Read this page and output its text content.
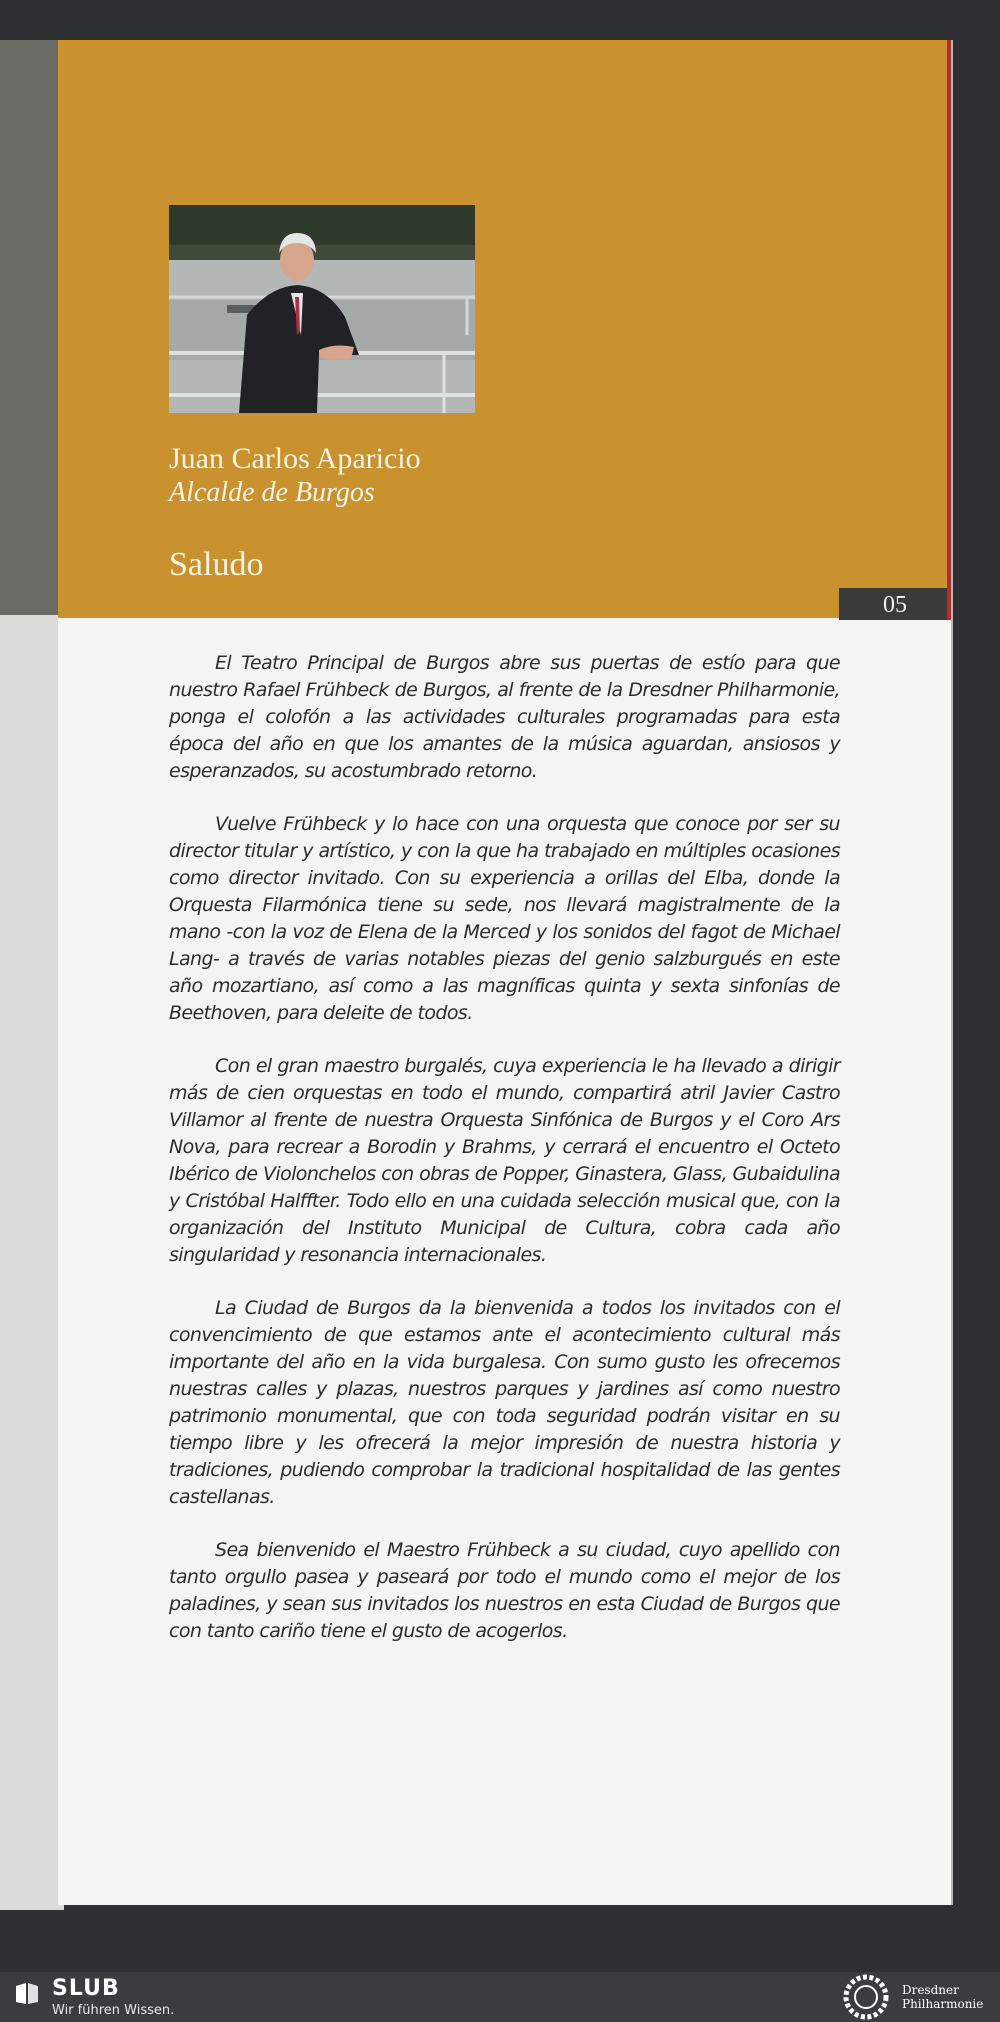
Juan Carlos Aparicio
Alcalde de Burgos
Saludo
05

El Teatro Principal de Burgos abre sus puertas de estío para que nuestro Rafael Frühbeck de Burgos, al frente de la Dresdner Philharmonie, ponga el colofón a las actividades culturales programadas para esta época del año en que los amantes de la música aguardan, ansiosos y esperanzados, su acostumbrado retorno.

Vuelve Frühbeck y lo hace con una orquesta que conoce por ser su director titular y artístico, y con la que ha trabajado en múltiples ocasiones como director invitado. Con su experiencia a orillas del Elba, donde la Orquesta Filarmónica tiene su sede, nos llevará magistralmente de la mano -con la voz de Elena de la Merced y los sonidos del fagot de Michael Lang- a través de varias notables piezas del genio salzburgués en este año mozartiano, así como a las magníficas quinta y sexta sinfonías de Beethoven, para deleite de todos.

Con el gran maestro burgalés, cuya experiencia le ha llevado a dirigir más de cien orquestas en todo el mundo, compartirá atril Javier Castro Villamor al frente de nuestra Orquesta Sinfónica de Burgos y el Coro Ars Nova, para recrear a Borodin y Brahms, y cerrará el encuentro el Octeto Ibérico de Violonchelos con obras de Popper, Ginastera, Glass, Gubaidulina y Cristóbal Halffter. Todo ello en una cuidada selección musical que, con la organización del Instituto Municipal de Cultura, cobra cada año singularidad y resonancia internacionales.

La Ciudad de Burgos da la bienvenida a todos los invitados con el convencimiento de que estamos ante el acontecimiento cultural más importante del año en la vida burgalesa. Con sumo gusto les ofrecemos nuestras calles y plazas, nuestros parques y jardines así como nuestro patrimonio monumental, que con toda seguridad podrán visitar en su tiempo libre y les ofrecerá la mejor impresión de nuestra historia y tradiciones, pudiendo comprobar la tradicional hospitalidad de las gentes castellanas.

Sea bienvenido el Maestro Frühbeck a su ciudad, cuyo apellido con tanto orgullo pasea y paseará por todo el mundo como el mejor de los paladines, y sean sus invitados los nuestros en esta Ciudad de Burgos que con tanto cariño tiene el gusto de acogerlos.

SLUB
Wir führen Wissen.
Dresdner
Philharmonie
